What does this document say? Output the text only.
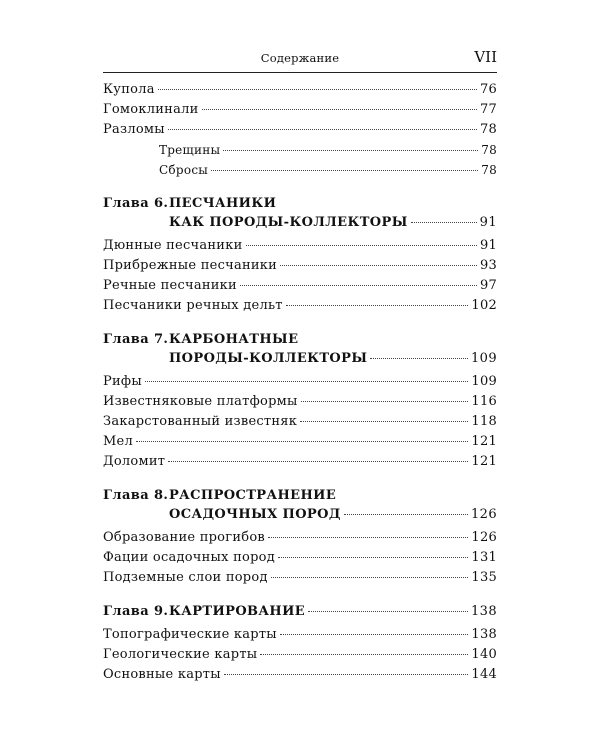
Содержание	VII
Купола	76
Гомоклинали	77
Разломы	78
Трещины	78
Сбросы	78
Глава 6. ПЕСЧАНИКИ
КАК ПОРОДЫ-КОЛЛЕКТОРЫ	91
Дюнные песчаники	91
Прибрежные песчаники	93
Речные песчаники	97
Песчаники речных дельт	102
Глава 7. КАРБОНАТНЫЕ
ПОРОДЫ-КОЛЛЕКТОРЫ	109
Рифы	109
Известняковые платформы	116
Закарстованный известняк	118
Мел	121
Доломит	121
Глава 8. РАСПРОСТРАНЕНИЕ
ОСАДОЧНЫХ ПОРОД	126
Образование прогибов	126
Фации осадочных пород	131
Подземные слои пород	135
Глава 9. КАРТИРОВАНИЕ	138
Топографические карты	138
Геологические карты	140
Основные карты	144
